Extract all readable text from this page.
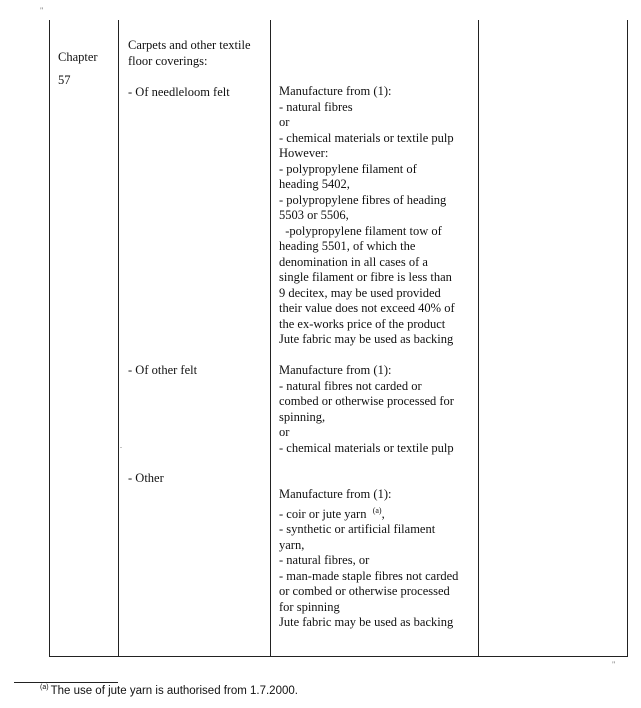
"
Chapter
57
Carpets and other textile
floor coverings:
- Of needleloom felt
- Of other felt
- Other
.
Manufacture from (1):
- natural fibres
or
- chemical materials or textile pulp
However:
- polypropylene filament of
heading 5402,
- polypropylene fibres of heading
5503 or 5506,
-polypropylene filament tow of
heading 5501, of which the
denomination in all cases of a
single filament or fibre is less than
9 decitex, may be used provided
their value does not exceed 40% of
the ex-works price of the product
Jute fabric may be used as backing
Manufacture from (1):
- natural fibres not carded or
combed or otherwise processed for
spinning,
or
- chemical materials or textile pulp
Manufacture from (1):
- coir or jute yarn $^{(a)}$,
- synthetic or artificial filament
yarn,
- natural fibres, or
- man-made staple fibres not carded
or combed or otherwise processed
for spinning
Jute fabric may be used as backing
"
$^{(a)}$ The use of jute yarn is authorised from 1.7.2000.
